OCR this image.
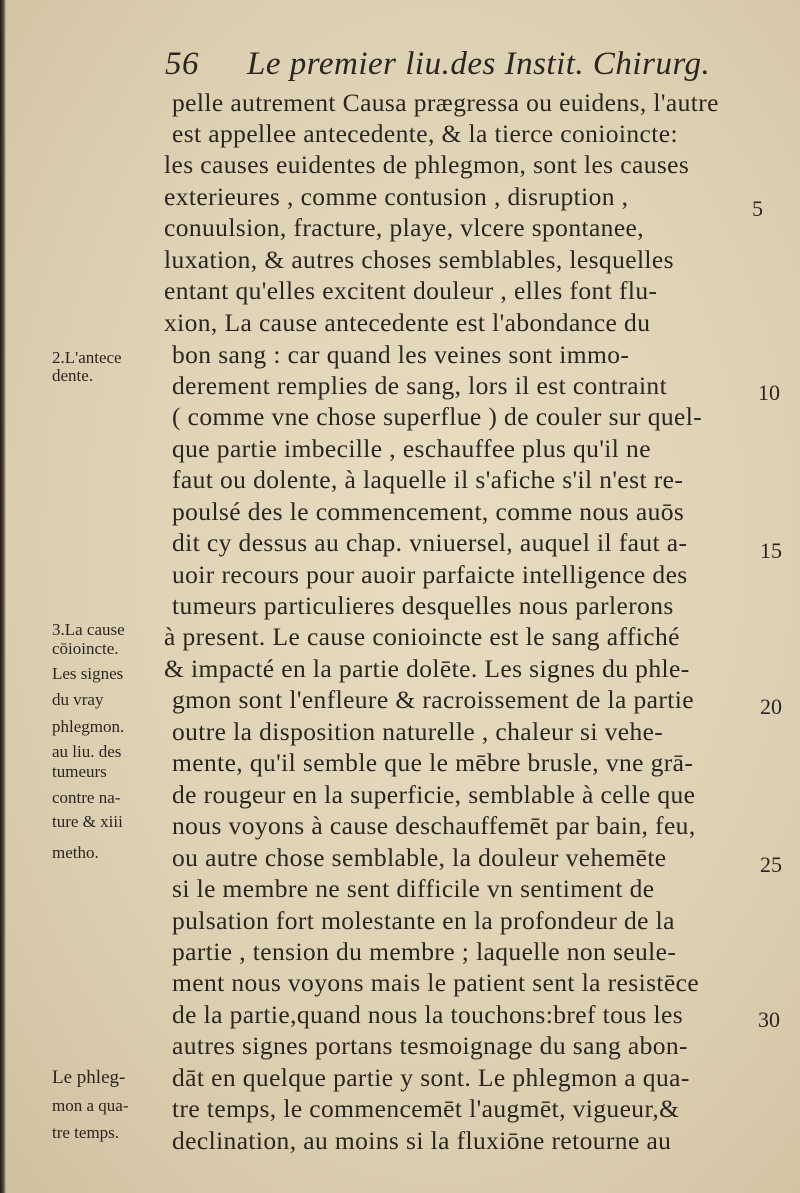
56 Le premier liu.des Instit. Chirurg.
pelle autrement Causa prægressa ou euidens, l'autre
est appellee antecedente, & la tierce conioincte:
les causes euidentes de phlegmon, sont les causes
exterieures , comme contusion , disruption ,
conuulsion, fracture, playe, vlcere spontanee,
luxation, & autres choses semblables, lesquelles
entant qu'elles excitent douleur , elles font flu-
xion, La cause antecedente est l'abondance du
bon sang : car quand les veines sont immo-
derement remplies de sang, lors il est contraint
( comme vne chose superflue ) de couler sur quel-
que partie imbecille , eschauffee plus qu'il ne
faut ou dolente, à laquelle il s'afiche s'il n'est re-
poulsé des le commencement, comme nous auōs
dit cy dessus au chap. vniuersel, auquel il faut a-
uoir recours pour auoir parfaicte intelligence des
tumeurs particulieres desquelles nous parlerons
à present. Le cause conioincte est le sang affiché
& impacté en la partie dolēte. Les signes du phle-
gmon sont l'enfleure & racroissement de la partie
outre la disposition naturelle , chaleur si vehe-
mente, qu'il semble que le mēbre brusle, vne grā-
de rougeur en la superficie, semblable à celle que
nous voyons à cause deschauffemēt par bain, feu,
ou autre chose semblable, la douleur vehemēte
si le membre ne sent difficile vn sentiment de
pulsation fort molestante en la profondeur de la
partie , tension du membre ; laquelle non seule-
ment nous voyons mais le patient sent la resistēce
de la partie,quand nous la touchons:bref tous les
autres signes portans tesmoignage du sang abon-
dāt en quelque partie y sont. Le phlegmon a qua-
tre temps, le commencemēt l'augmēt, vigueur,&
declination, au moins si la fluxiōne retourne au
2.L'antece
dente.
3.La cause
cōioincte.
Les signes
du vray
phlegmon.
au liu. des
tumeurs
contre na-
ture & xiii
metho.
Le phleg-
mon a qua-
tre temps.
5
10
15
20
25
30
